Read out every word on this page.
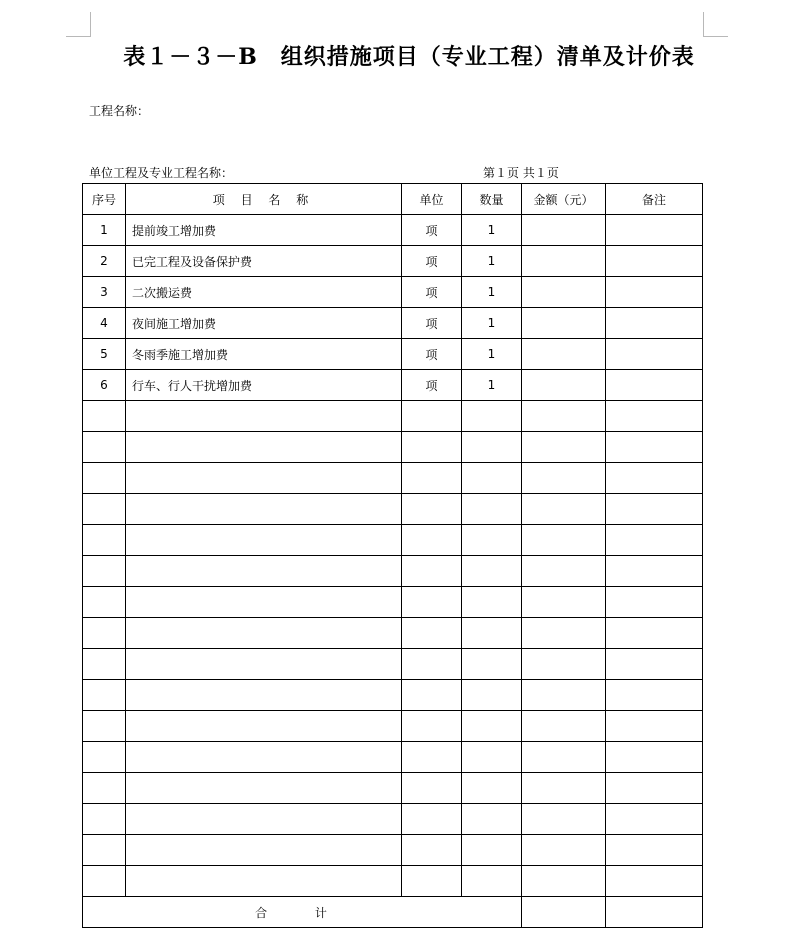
表１－３－B　组织措施项目（专业工程）清单及计价表
工程名称：
单位工程及专业工程名称：	第１页 共１页
序号	项 目 名 称	单位	数量	金额（元）	备注
1	提前竣工增加费	项	1		
2	已完工程及设备保护费	项	1		
3	二次搬运费	项	1		
4	夜间施工增加费	项	1		
5	冬雨季施工增加费	项	1		
6	行车、行人干扰增加费	项	1		

合 计					
